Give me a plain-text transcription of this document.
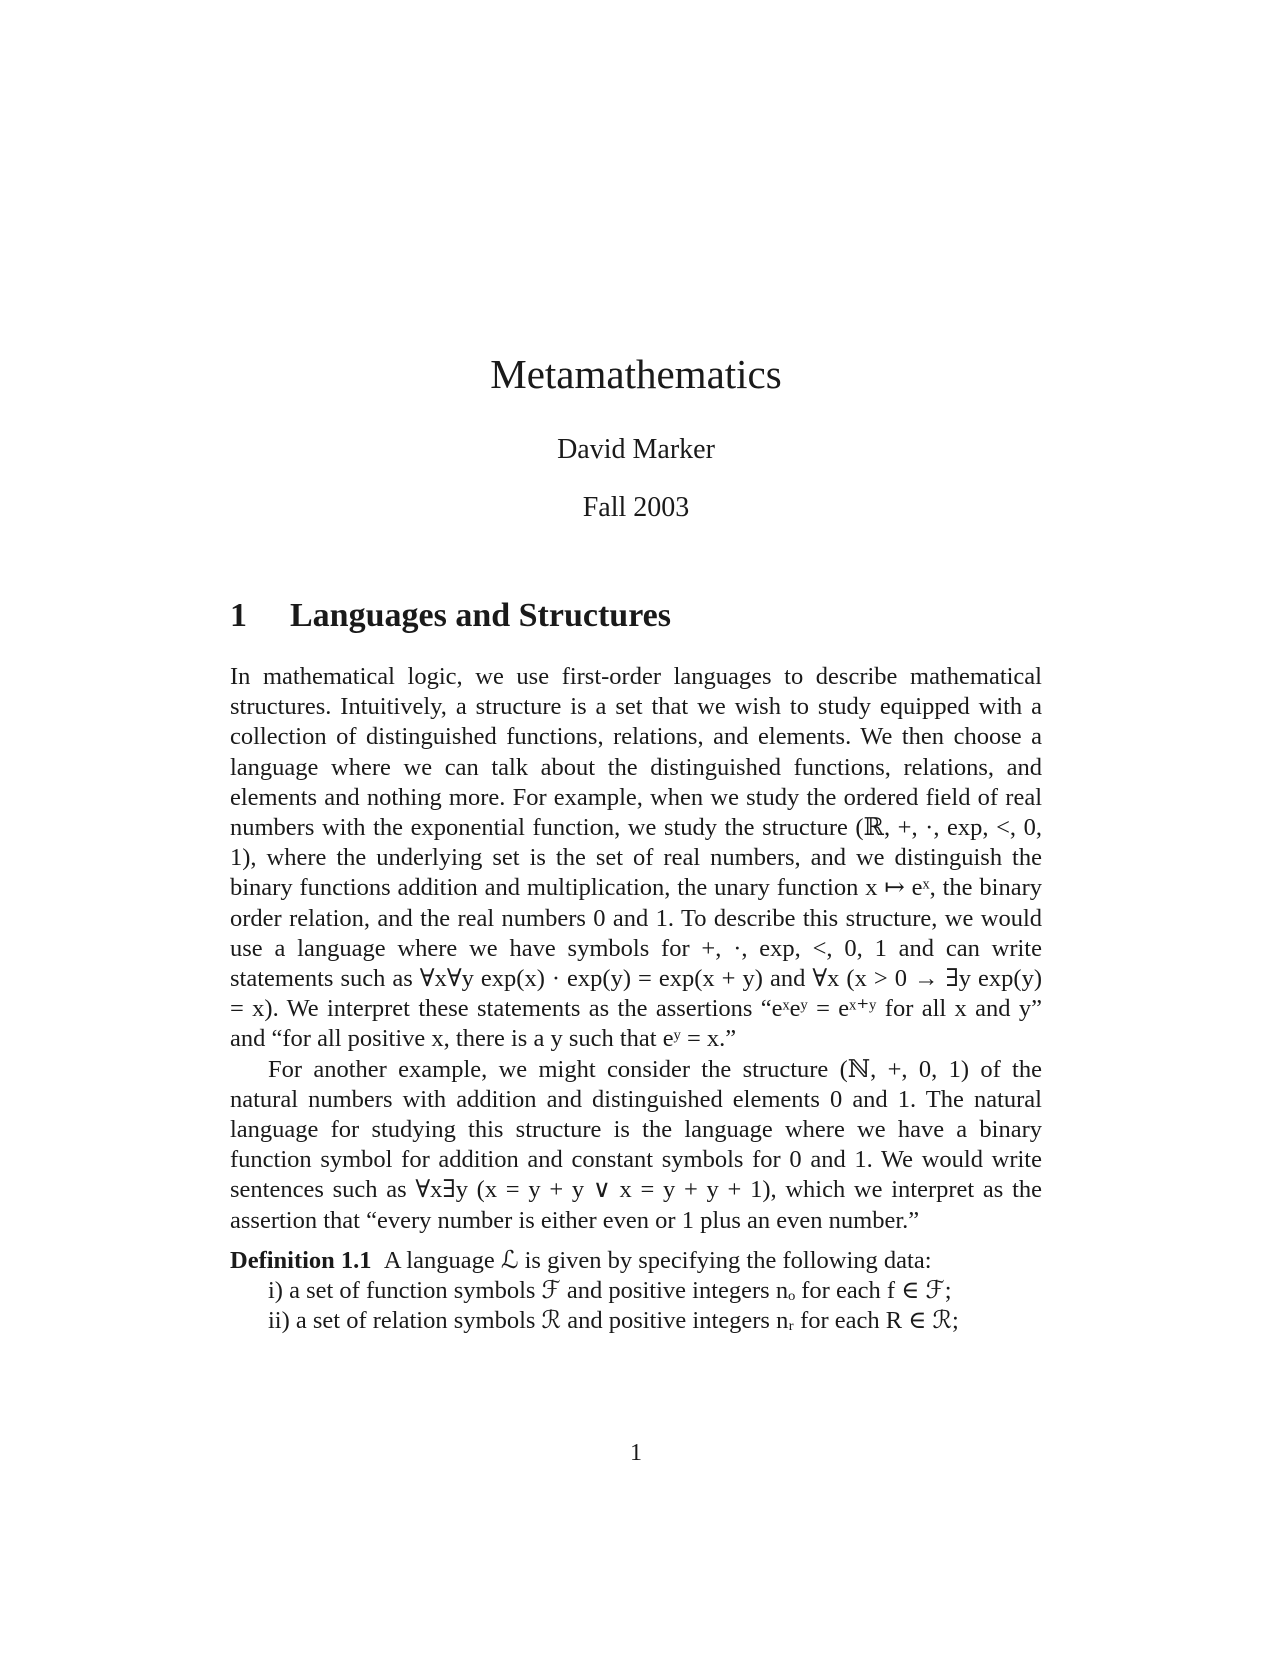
Metamathematics
David Marker
Fall 2003
1 Languages and Structures

In mathematical logic, we use first-order languages to describe mathematical structures. Intuitively, a structure is a set that we wish to study equipped with a collection of distinguished functions, relations, and elements. We then choose a language where we can talk about the distinguished functions, relations, and elements and nothing more. For example, when we study the ordered field of real numbers with the exponential function, we study the structure (ℝ, +, ·, exp, <, 0, 1), where the underlying set is the set of real numbers, and we distinguish the binary functions addition and multiplication, the unary function x ↦ eˣ, the binary order relation, and the real numbers 0 and 1. To describe this structure, we would use a language where we have symbols for +, ·, exp, <, 0, 1 and can write statements such as ∀x∀y exp(x) · exp(y) = exp(x + y) and ∀x (x > 0 → ∃y exp(y) = x). We interpret these statements as the assertions “eˣeʸ = eˣ⁺ʸ for all x and y” and “for all positive x, there is a y such that eʸ = x.”

For another example, we might consider the structure (ℕ, +, 0, 1) of the natural numbers with addition and distinguished elements 0 and 1. The natural language for studying this structure is the language where we have a binary function symbol for addition and constant symbols for 0 and 1. We would write sentences such as ∀x∃y (x = y + y ∨ x = y + y + 1), which we interpret as the assertion that “every number is either even or 1 plus an even number.”

Definition 1.1 A language ℒ is given by specifying the following data:
i) a set of function symbols ℱ and positive integers nₒ for each f ∈ ℱ;
ii) a set of relation symbols ℛ and positive integers nᵣ for each R ∈ ℛ;
1
